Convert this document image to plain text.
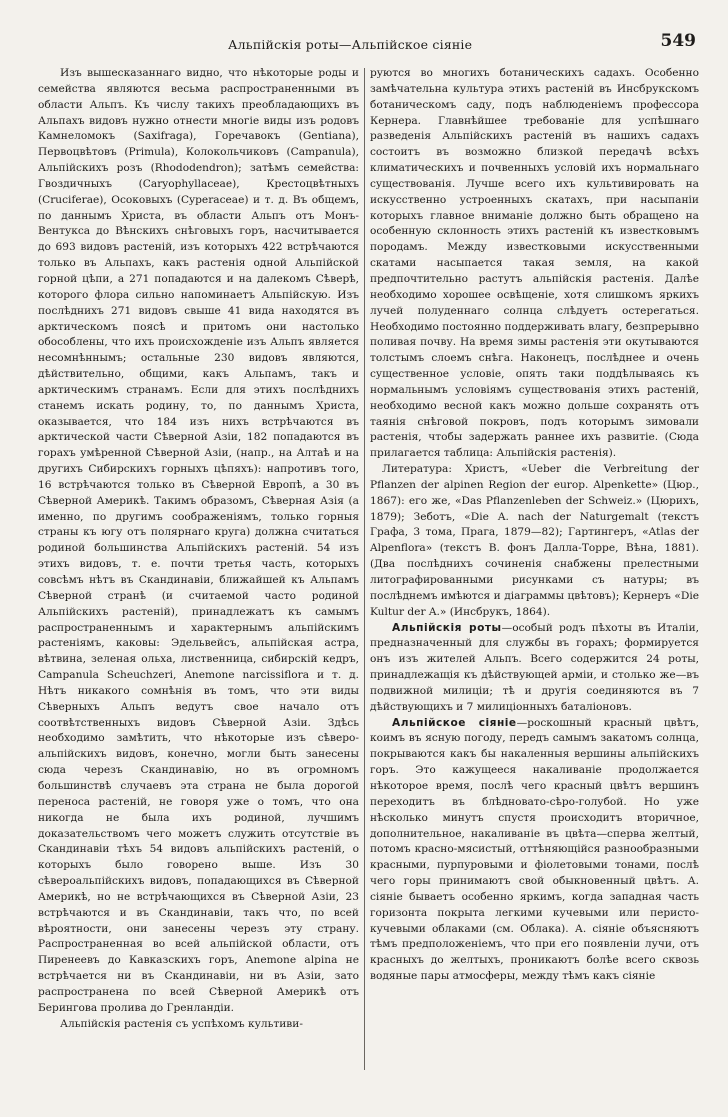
Альпійскія роты—Альпійское сіяніе	549

Изъ вышесказаннаго видно, что нѣкоторые роды и семейства являются весьма распространенными въ области Альпъ. Къ числу такихъ преобладающихъ въ Альпахъ видовъ нужно отнести многіе виды изъ родовъ Камнеломокъ (Saxifraga), Горечавокъ (Gentiana), Первоцвѣтовъ (Primula), Колокольчиковъ (Campanula), Альпійскихъ розъ (Rhododendron); затѣмъ семейства: Гвоздичныхъ (Caryophyllaceae), Крестоцвѣтныхъ (Cruciferae), Осоковыхъ (Cyperaceae) и т. д. Въ общемъ, по даннымъ Христа, въ области Альпъ отъ Монъ-Вентукса до Вѣнскихъ снѣговыхъ горъ, насчитывается до 693 видовъ растеній, изъ которыхъ 422 встрѣчаются только въ Альпахъ, какъ растенія одной Альпійской горной цѣпи, а 271 попадаются и на далекомъ Сѣверѣ, которого флора сильно напоминаетъ Альпійскую. Изъ послѣднихъ 271 видовъ свыше 41 вида находятся въ арктическомъ поясѣ и притомъ они настолько обособлены, что ихъ происхожденіе изъ Альпъ является несомнѣннымъ; остальные 230 видовъ являются, дѣйствительно, общими, какъ Альпамъ, такъ и арктическимъ странамъ. Если для этихъ послѣднихъ станемъ искать родину, то, по даннымъ Христа, оказывается, что 184 изъ нихъ встрѣчаются въ арктической части Сѣверной Азіи, 182 попадаются въ горахъ умѣренной Сѣверной Азіи, (напр., на Алтаѣ и на другихъ Сибирскихъ горныхъ цѣпяхъ): напротивъ того, 16 встрѣчаются только въ Сѣверной Европѣ, а 30 въ Сѣверной Америкѣ. Такимъ образомъ, Сѣверная Азія (а именно, по другимъ соображеніямъ, только горныя страны къ югу отъ полярнаго круга) должна считаться родиной большинства Альпійскихъ растеній. 54 изъ этихъ видовъ, т. е. почти третья часть, которыхъ совсѣмъ нѣтъ въ Скандинавіи, ближайшей къ Альпамъ Сѣверной странѣ (и считаемой часто родиной Альпійскихъ растеній), принадлежатъ къ самымъ распространеннымъ и характернымъ альпійскимъ растеніямъ, каковы: Эдельвейсъ, альпійская астра, вѣтвина, зеленая ольха, лиственница, сибирскій кедръ, Campanula Scheuchzeri, Anemone narcissiflora и т. д. Нѣтъ никакого сомнѣнія въ томъ, что эти виды Сѣверныхъ Альпъ ведутъ свое начало отъ соотвѣтственныхъ видовъ Сѣверной Азіи. Здѣсь необходимо замѣтить, что нѣкоторые изъ сѣверо-альпійскихъ видовъ, конечно, могли быть занесены сюда черезъ Скандинавію, но въ огромномъ большинствѣ случаевъ эта страна не была дорогой переноса растеній, не говоря уже о томъ, что она никогда не была ихъ родиной, лучшимъ доказательствомъ чего можетъ служить отсутствіе въ Скандинавіи тѣхъ 54 видовъ альпійскихъ растеній, о которыхъ было говорено выше. Изъ 30 сѣвероальпійскихъ видовъ, попадающихся въ Сѣверной Америкѣ, но не встрѣчающихся въ Сѣверной Азіи, 23 встрѣчаются и въ Скандинавіи, такъ что, по всей вѣроятности, они занесены черезъ эту страну. Распространенная во всей альпійской области, отъ Пиренеевъ до Кавказскихъ горъ, Anemone alpina не встрѣчается ни въ Скандинавіи, ни въ Азіи, зато распространена по всей Сѣверной Америкѣ отъ Берингова пролива до Гренландіи.

Альпійскія растенія съ успѣхомъ культиви-

руются во многихъ ботаническихъ садахъ. Особенно замѣчательна культура этихъ растеній въ Инсбрукскомъ ботаническомъ саду, подъ наблюденіемъ профессора Кернера. Главнѣйшее требованіе для успѣшнаго разведенія Альпійскихъ растеній въ нашихъ садахъ состоитъ въ возможно близкой передачѣ всѣхъ климатическихъ и почвенныхъ условій ихъ нормальнаго существованія. Лучше всего ихъ культивировать на искусственно устроенныхъ скатахъ, при насыпаніи которыхъ главное вниманіе должно быть обращено на особенную склонность этихъ растеній къ известковымъ породамъ. Между известковыми искусственными скатами насыпается такая земля, на какой предпочтительно растутъ альпійскія растенія. Далѣе необходимо хорошее освѣщеніе, хотя слишкомъ яркихъ лучей полуденнаго солнца слѣдуетъ остерегаться. Необходимо постоянно поддерживать влагу, безпрерывно поливая почву. На время зимы растенія эти окутываются толстымъ слоемъ снѣга. Наконецъ, послѣднее и очень существенное условіе, опять таки поддѣлываясь къ нормальнымъ условіямъ существованія этихъ растеній, необходимо весной какъ можно дольше сохранять отъ таянія снѣговой покровъ, подъ которымъ зимовали растенія, чтобы задержать раннее ихъ развитіе. (Сюда прилагается таблица: Альпійскія растенія).

Литература: Христъ, «Ueber die Verbreitung der Pflanzen der alpinen Region der europ. Alpenkette» (Цюр., 1867): его же, «Das Pflanzenleben der Schweiz.» (Цюрихъ, 1879); Зеботъ, «Die A. nach der Naturgemalt (текстъ Графа, 3 тома, Прага, 1879—82); Гартингеръ, «Atlas der Alpenflora» (текстъ В. фонъ Далла-Торре, Вѣна, 1881). (Два послѣднихъ сочиненія снабжены прелестными литографированными рисунками съ натуры; въ послѣднемъ имѣются и діаграммы цвѣтовъ); Кернеръ «Die Kultur der A.» (Инсбрукъ, 1864).

Альпійскія роты—особый родъ пѣхоты въ Италіи, предназначенный для службы въ горахъ; формируется онъ изъ жителей Альпъ. Всего содержится 24 роты, принадлежащія къ дѣйствующей арміи, и столько же—въ подвижной милиціи; тѣ и другія соединяются въ 7 дѣйствующихъ и 7 милиціонныхъ баталіоновъ.

Альпійское сіяніе—роскошный красный цвѣтъ, коимъ въ ясную погоду, передъ самымъ закатомъ солнца, покрываются какъ бы накаленныя вершины альпійскихъ горъ. Это кажущееся накаливаніе продолжается нѣкоторое время, послѣ чего красный цвѣтъ вершинъ переходитъ въ блѣдновато-сѣро-голубой. Но уже нѣсколько минутъ спустя происходитъ вторичное, дополнительное, накаливаніе въ цвѣта—сперва желтый, потомъ красно-мясистый, оттѣняющійся разнообразными красными, пурпуровыми и фіолетовыми тонами, послѣ чего горы принимаютъ свой обыкновенный цвѣтъ. А. сіяніе бываетъ особенно яркимъ, когда западная часть горизонта покрыта легкими кучевыми или перисто-кучевыми облаками (см. Облака). А. сіяніе объясняютъ тѣмъ предположеніемъ, что при его появленіи лучи, отъ красныхъ до желтыхъ, проникаютъ болѣе всего сквозь водяные пары атмосферы, между тѣмъ какъ сіяніе
